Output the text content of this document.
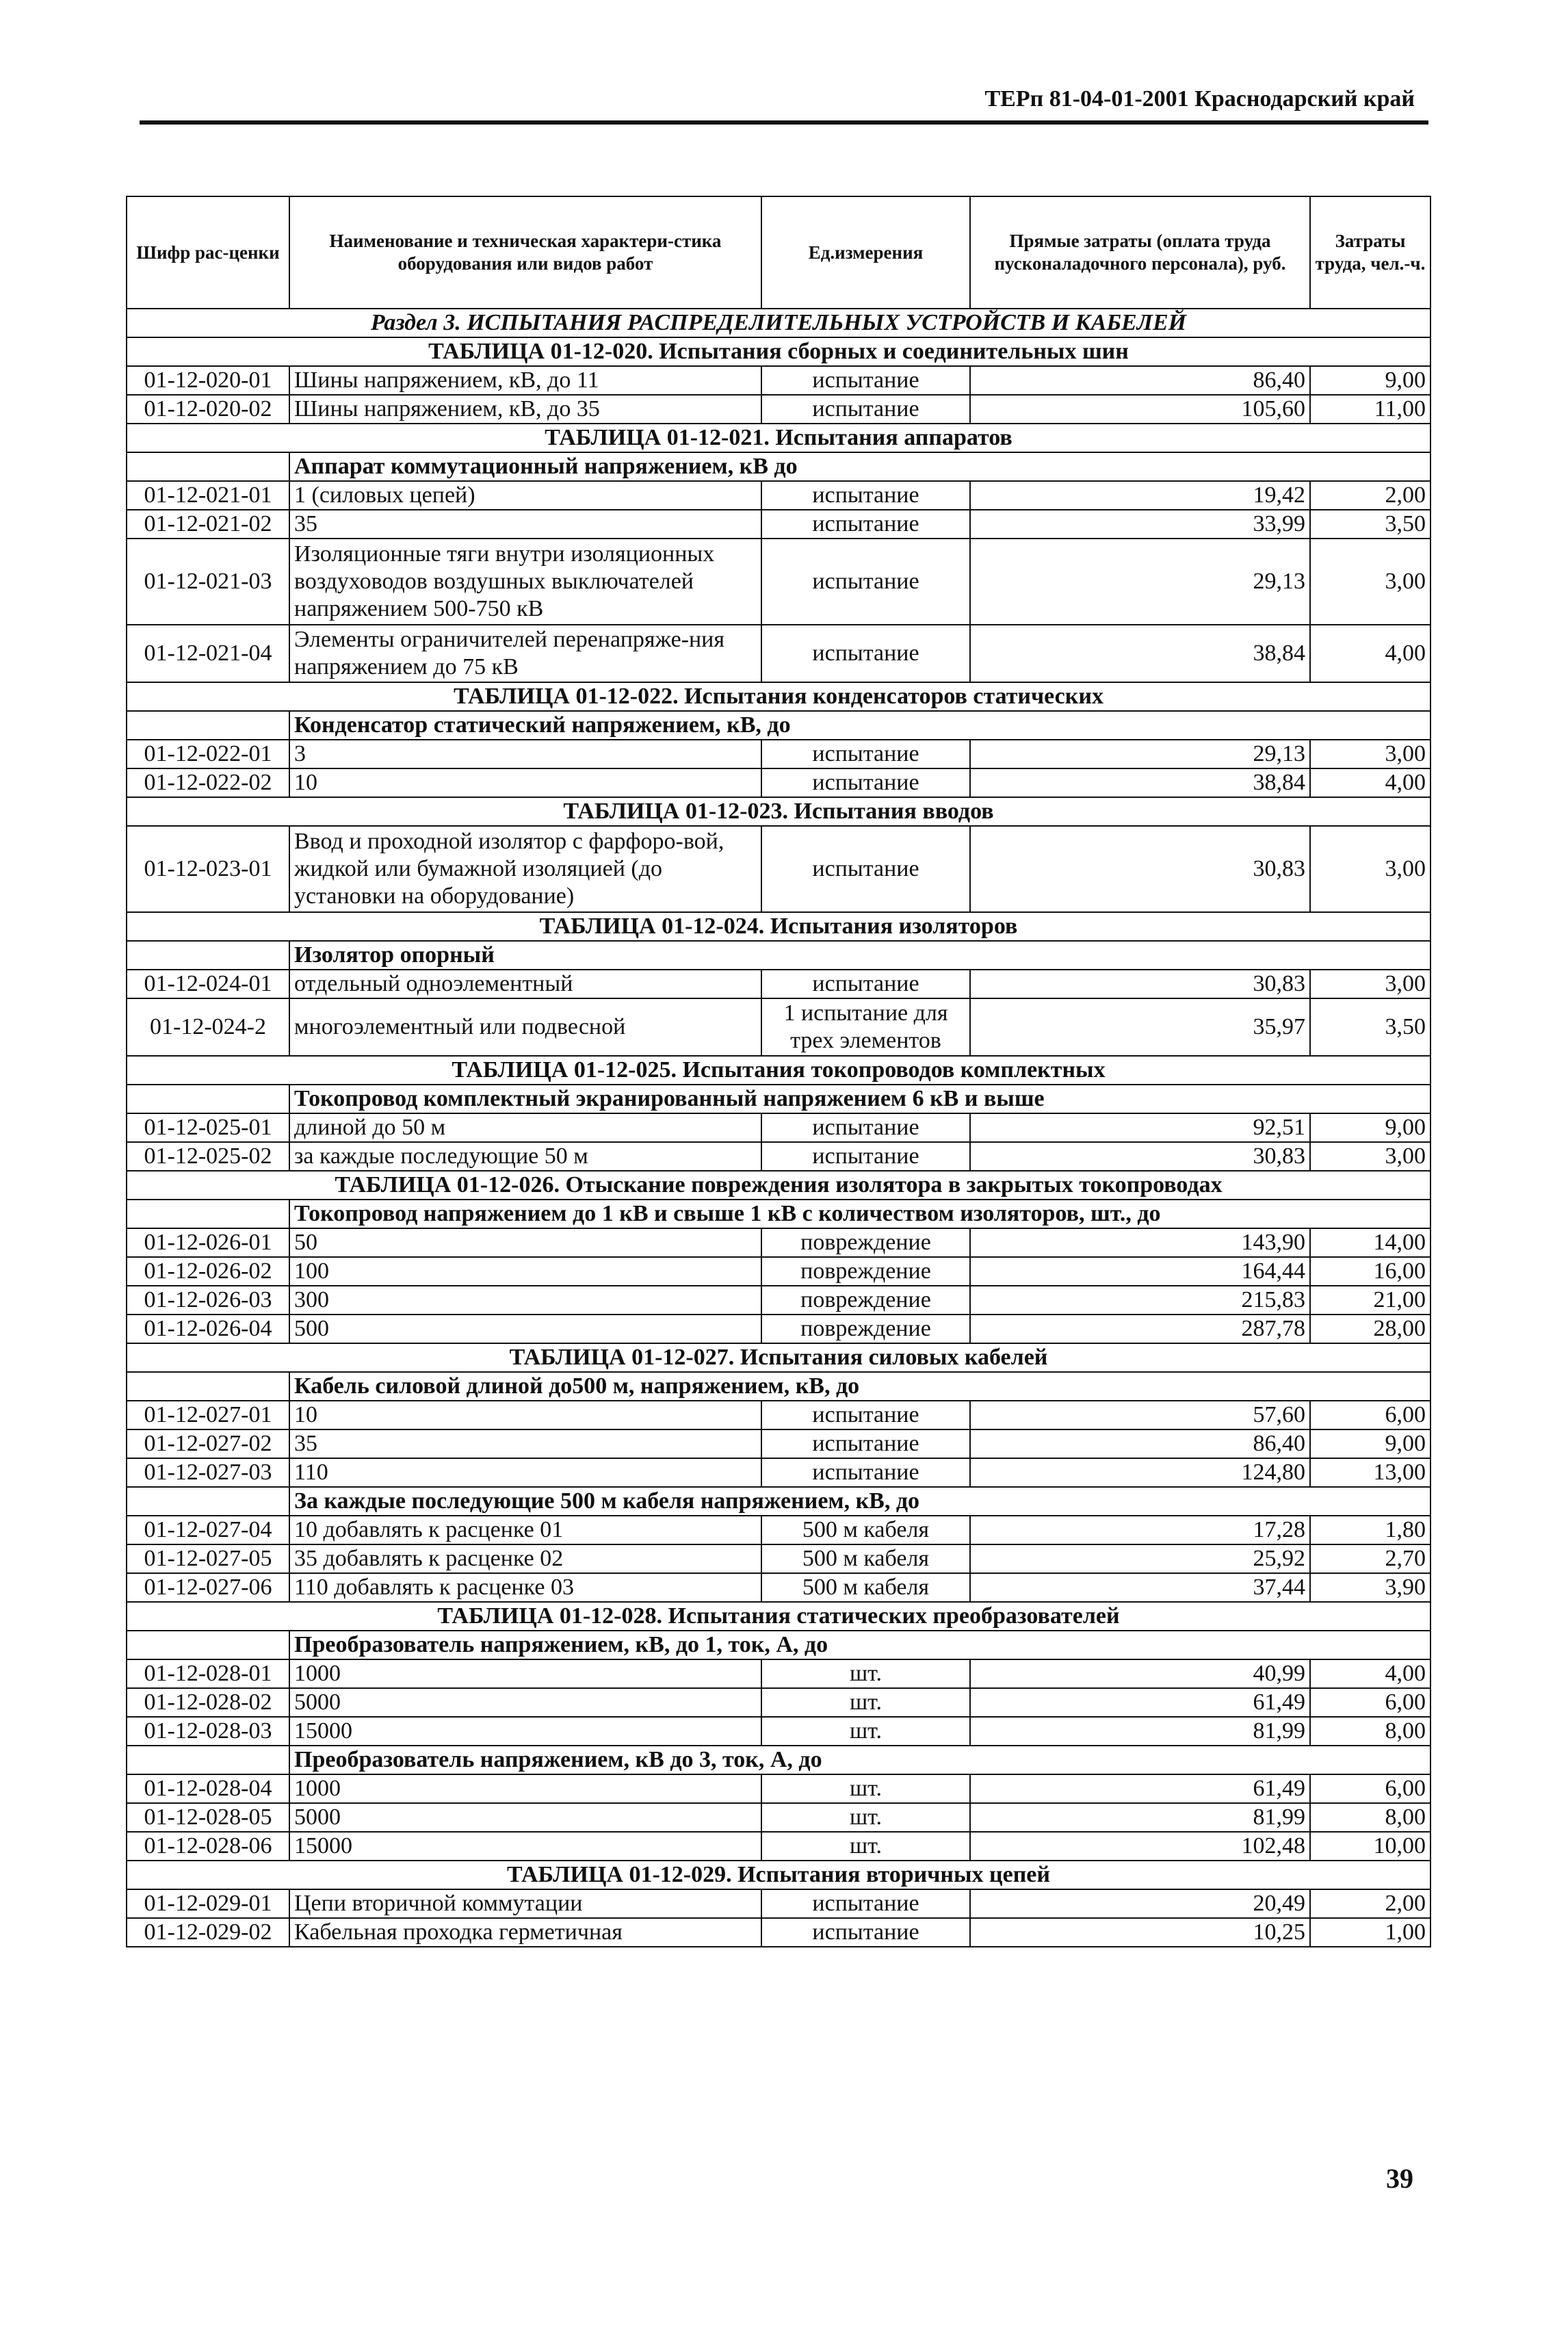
ТЕРп 81-04-01-2001 Краснодарский край
Шифр рас-ценки	Наименование и техническая характери-стика оборудования или видов работ	Ед.измерения	Прямые затраты (оплата труда пусконаладочного персонала), руб.	Затраты труда, чел.-ч.
Раздел 3. ИСПЫТАНИЯ РАСПРЕДЕЛИТЕЛЬНЫХ УСТРОЙСТВ И КАБЕЛЕЙ				
ТАБЛИЦА 01-12-020. Испытания сборных и соединительных шин				
01-12-020-01	Шины напряжением, кВ, до 11	испытание	86,40	9,00
01-12-020-02	Шины напряжением, кВ, до 35	испытание	105,60	11,00
ТАБЛИЦА 01-12-021. Испытания аппаратов				
	Аппарат коммутационный напряжением, кВ до			
01-12-021-01	1 (силовых цепей)	испытание	19,42	2,00
01-12-021-02	35	испытание	33,99	3,50
01-12-021-03	Изоляционные тяги внутри изоляционных воздуховодов воздушных выключателей напряжением 500-750 кВ	испытание	29,13	3,00
01-12-021-04	Элементы ограничителей перенапряже-ния напряжением до 75 кВ	испытание	38,84	4,00
ТАБЛИЦА 01-12-022. Испытания конденсаторов статических				
	Конденсатор статический напряжением, кВ, до			
01-12-022-01	3	испытание	29,13	3,00
01-12-022-02	10	испытание	38,84	4,00
ТАБЛИЦА 01-12-023. Испытания вводов				
01-12-023-01	Ввод и проходной изолятор с фарфоро-вой, жидкой или бумажной изоляцией (до установки на оборудование)	испытание	30,83	3,00
ТАБЛИЦА 01-12-024. Испытания изоляторов				
	Изолятор опорный			
01-12-024-01	отдельный одноэлементный	испытание	30,83	3,00
01-12-024-2	многоэлементный или подвесной	1 испытание для трех элементов	35,97	3,50
ТАБЛИЦА 01-12-025. Испытания токопроводов комплектных				
	Токопровод комплектный экранированный напряжением 6 кВ и выше			
01-12-025-01	длиной до 50 м	испытание	92,51	9,00
01-12-025-02	за каждые последующие 50 м	испытание	30,83	3,00
ТАБЛИЦА 01-12-026. Отыскание повреждения изолятора в закрытых токопроводах				
	Токопровод напряжением до 1 кВ и свыше 1 кВ с количеством изоляторов, шт., до			
01-12-026-01	50	повреждение	143,90	14,00
01-12-026-02	100	повреждение	164,44	16,00
01-12-026-03	300	повреждение	215,83	21,00
01-12-026-04	500	повреждение	287,78	28,00
ТАБЛИЦА 01-12-027. Испытания силовых кабелей				
	Кабель силовой длиной до500 м, напряжением, кВ, до			
01-12-027-01	10	испытание	57,60	6,00
01-12-027-02	35	испытание	86,40	9,00
01-12-027-03	110	испытание	124,80	13,00
	За каждые последующие 500 м кабеля напряжением, кВ, до			
01-12-027-04	10 добавлять к расценке 01	500 м кабеля	17,28	1,80
01-12-027-05	35 добавлять к расценке 02	500 м кабеля	25,92	2,70
01-12-027-06	110 добавлять к расценке 03	500 м кабеля	37,44	3,90
ТАБЛИЦА 01-12-028. Испытания статических преобразователей				
	Преобразователь напряжением, кВ, до 1, ток, А, до			
01-12-028-01	1000	шт.	40,99	4,00
01-12-028-02	5000	шт.	61,49	6,00
01-12-028-03	15000	шт.	81,99	8,00
	Преобразователь напряжением, кВ до 3, ток, А, до			
01-12-028-04	1000	шт.	61,49	6,00
01-12-028-05	5000	шт.	81,99	8,00
01-12-028-06	15000	шт.	102,48	10,00
ТАБЛИЦА 01-12-029. Испытания вторичных цепей				
01-12-029-01	Цепи вторичной коммутации	испытание	20,49	2,00
01-12-029-02	Кабельная проходка герметичная	испытание	10,25	1,00
39
